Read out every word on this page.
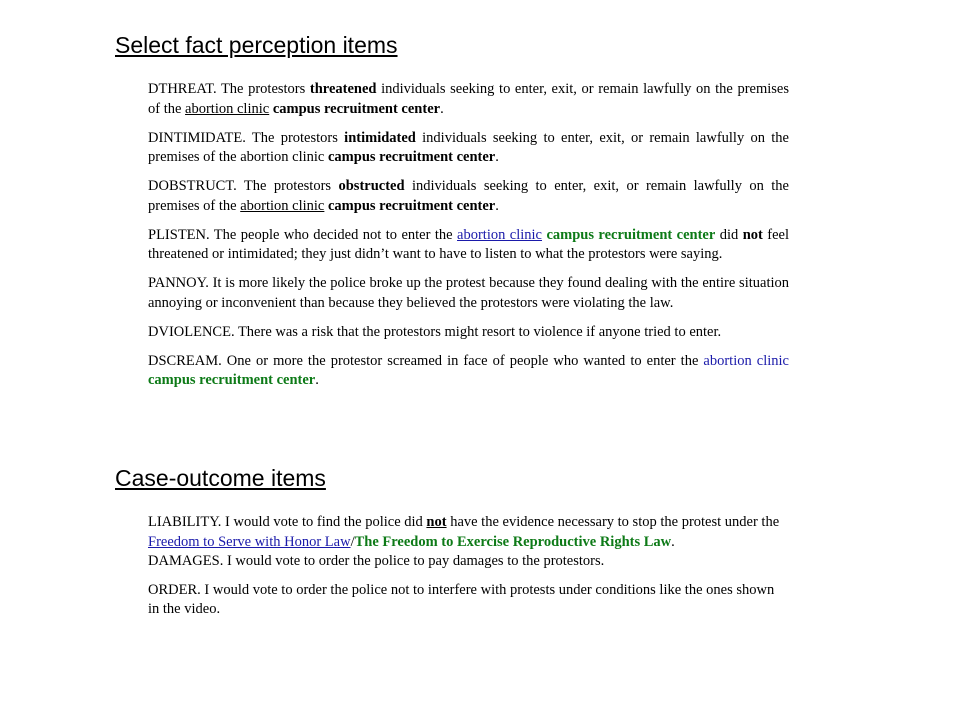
Select fact perception items

DTHREAT. The protestors threatened individuals seeking to enter, exit, or remain lawfully on the premises of the abortion clinic campus recruitment center.

DINTIMIDATE. The protestors intimidated individuals seeking to enter, exit, or remain lawfully on the premises of the abortion clinic campus recruitment center.

DOBSTRUCT. The protestors obstructed individuals seeking to enter, exit, or remain lawfully on the premises of the abortion clinic campus recruitment center.

PLISTEN. The people who decided not to enter the abortion clinic campus recruitment center did not feel threatened or intimidated; they just didn’t want to have to listen to what the protestors were saying.

PANNOY. It is more likely the police broke up the protest because they found dealing with the entire situation annoying or inconvenient than because they believed the protestors were violating the law.

DVIOLENCE. There was a risk that the protestors might resort to violence if anyone tried to enter.

DSCREAM. One or more the protestor screamed in face of people who wanted to enter the abortion clinic campus recruitment center.

Case-outcome items

LIABILITY. I would vote to find the police did not have the evidence necessary to stop the protest under the Freedom to Serve with Honor Law/The Freedom to Exercise Reproductive Rights Law.

DAMAGES. I would vote to order the police to pay damages to the protestors.

ORDER. I would vote to order the police not to interfere with protests under conditions like the ones shown in the video.
